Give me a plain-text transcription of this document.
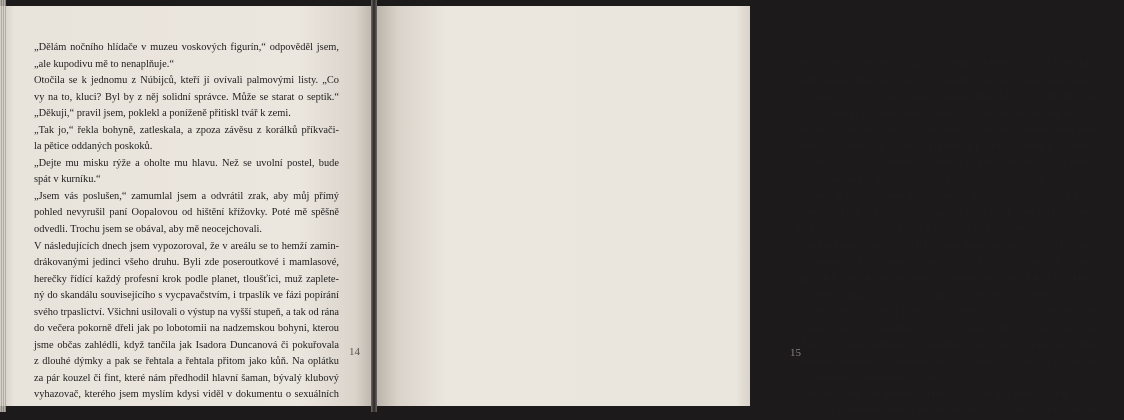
„Dělám nočního hlídače v muzeu voskových figurín,“ odpověděl jsem,
„ale kupodivu mě to nenaplňuje.“
Otočila se k jednomu z Núbijců, kteří jí ovívali palmovými listy. „Co
vy na to, kluci? Byl by z něj solidní správce. Může se starat o septik.“
„Děkuji,“ pravil jsem, poklekl a poníženě přitiskl tvář k zemi.
„Tak jo,“ řekla bohyně, zatleskala, a zpoza závěsu z korálků příkvači-
la pětice oddaných poskoků.
„Dejte mu misku rýže a oholte mu hlavu. Než se uvolní postel, bude
spát v kurníku.“
„Jsem vás poslušen,“ zamumlal jsem a odvrátil zrak, aby můj přímý
pohled nevyrušil paní Oopalovou od hištění křížovky. Poté mě spěšně
odvedli. Trochu jsem se obával, aby mě neocejchovali.
V následujících dnech jsem vypozoroval, že v areálu se to hemží zamin-
drákovanými jedinci všeho druhu. Byli zde poseroutkové i mamlasové,
herečky řídící každý profesní krok podle planet, tloušťici, muž zaplete-
ný do skandálu souvisejícího s vycpavačstvím, i trpaslík ve fázi popírání
svého trpaslictví. Všichni usilovali o výstup na vyšší stupeň, a tak od rána
do večera pokorně dřeli jak po lobotomii na nadzemskou bohyni, kterou
jsme občas zahlédli, když tančila jak Isadora Duncanová či pokuřovala
z dlouhé dýmky a pak se řehtala a řehtala přitom jako kůň. Na oplátku
za pár kouzel či fint, které nám předhodil hlavní šaman, bývalý klubový
vyhazovač, kterého jsem myslím kdysi viděl v dokumentu o sexuálních
14
delikventech, se od věrných zájemců čekalo, že budou dvanáct až šestnáct
hodin denně pilně sklízet ovoce a zeleninu, konzumovanou personálem,
a vyrábět různé zboží na prodej, například hrací karty s nahotinami, vo-
ňavé stromečky do automobilů a pivní tácky. Já jsem zodpovídal za údrž-
bu kanalizace a jako správce jsem také napichoval a odklízel pohozené
obaly od karobových tyčinek a cigaretové papírky rozeseté po scenérii.
Nejprve bylo trochu obtížné zvyknout si na jídelníček, sestávající přede-
vším ze semínek vojtěšky, sezamové pasty a iontové vody, ale stačilo pod-
máznout jednoho z méně angažovaných guruů, jehož bratr vedl fluky
bufet, a dala se získat občasná bageta s tuňákem. Kázeň byla uvolněná
a od každého se očekávala svědomitost, ačkoli porušení životosprávy či
zanedbání práce mohlo vést k bičování nebo připojení ke kabelům pol-
ního telefonu. Toto ustavičné ponižování bylo součástí rituálů k očištění
ega, a když se nakonec rozhodlo, že se mám milovat s karmickou kněž-
kou, která vypadá jako by z oka vypadla E.T., řekl jsem si, že je nejvyšší čas to
zabalit. Vleže na zádech jsem se uprostřed noci proplížil pod ostnatým
drátem, vymázl z tvého jednoho a chytil poslední letadlo na Upper West Side.
„Tak co,“ řekla manželka s tolerantní přívětivostí, určenou nezvratně
senilním pacientům, „odhmotnil ses a translokoval, nebo ti z límečku
visí ubrousek Continental Airlines?“
„Všechno jsem tam nestihl,“ odpálkoval jsem ji a zuřil nad tou poha-
nou, „ale natrénoval jsem si tenhle mistrovský kousek.“ Načež jsem se
15
